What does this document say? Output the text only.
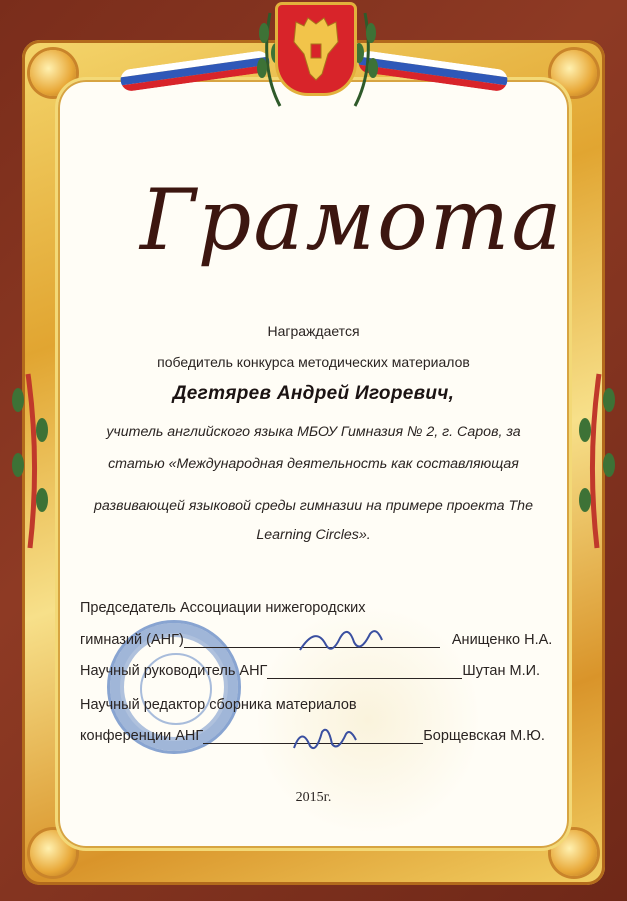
Грамота
Награждается
победитель конкурса методических материалов
Дегтярев Андрей Игоревич,
учитель английского языка МБОУ Гимназия № 2, г. Саров, за
статью «Международная деятельность как составляющая
развивающей языковой среды гимназии на примере проекта The
Learning Circles».
Председатель Ассоциации нижегородских
гимназий (АНГ)	Анищенко Н.А.
Научный руководитель АНГ	Шутан М.И.
Научный редактор сборника материалов
конференции АНГ	Борщевская М.Ю.
2015г.
